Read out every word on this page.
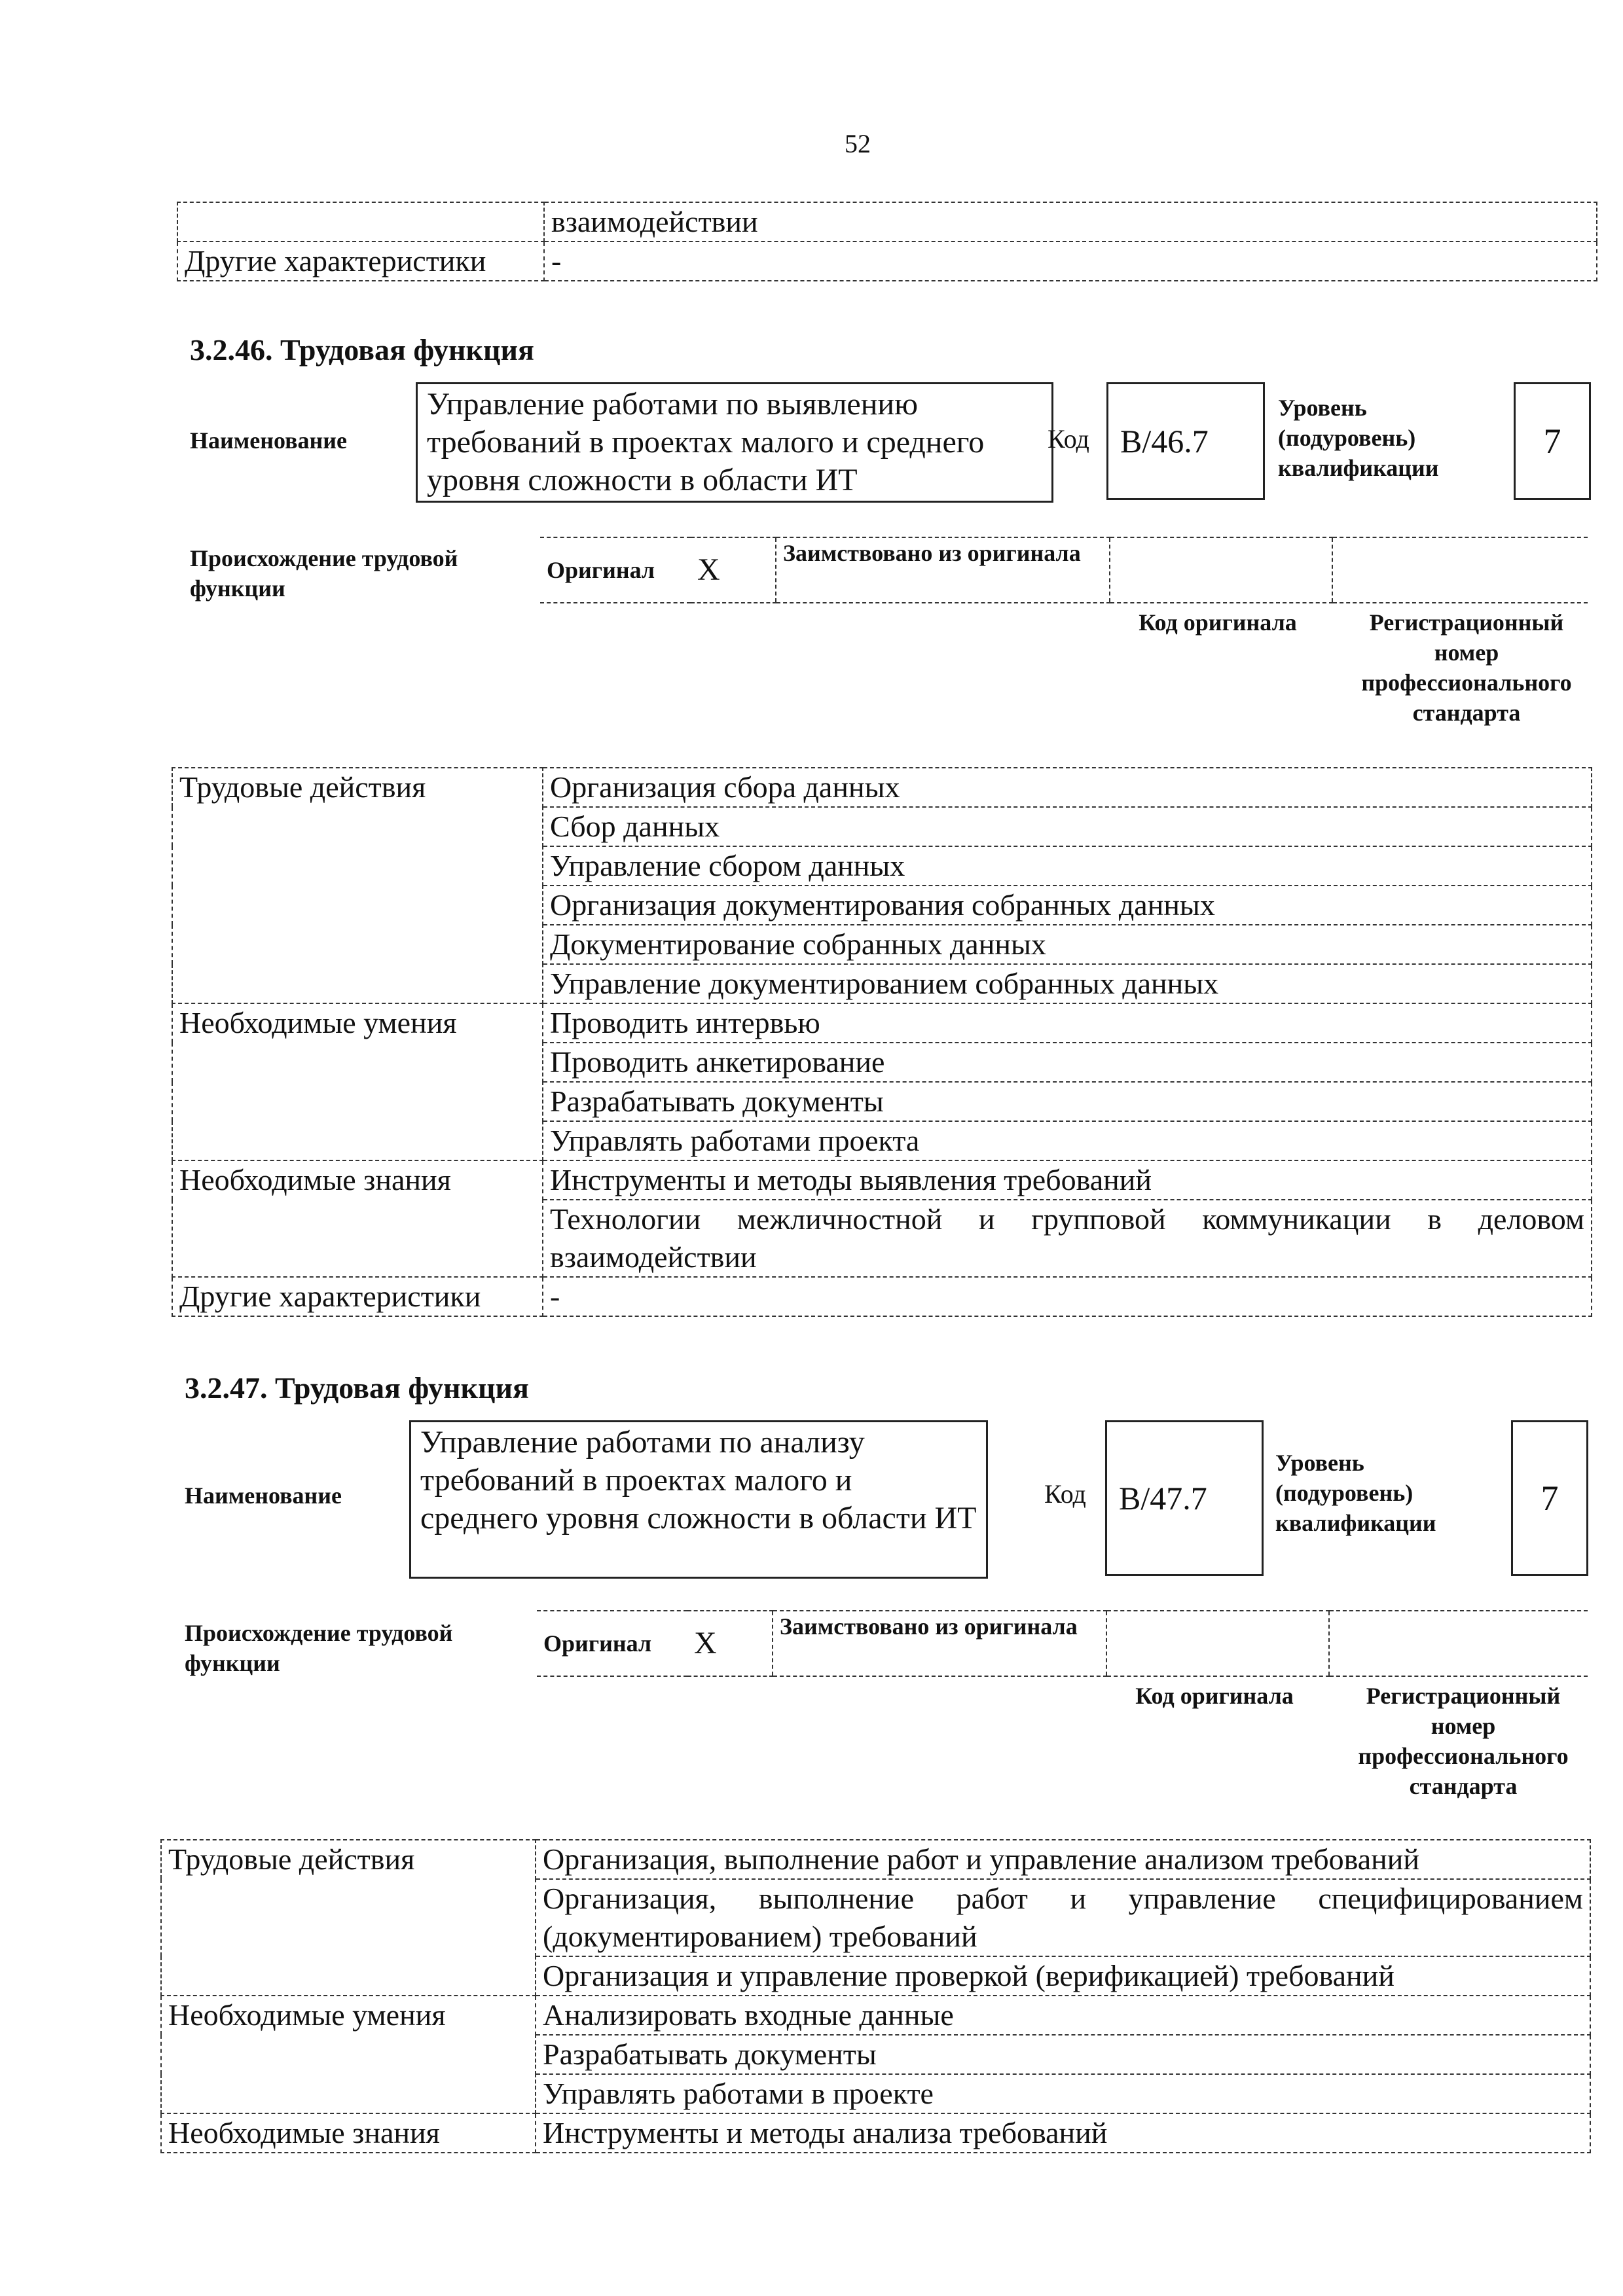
52
	взаимодействии
Другие характеристики	-
3.2.46. Трудовая функция
Наименование
Управление работами по выявлению требований в проектах малого и среднего уровня сложности в области ИТ
Код B/46.7
Уровень (подуровень) квалификации
7
Происхождение трудовой функции
Оригинал	X	Заимствовано из оригинала		
Код оригинала	Регистрационный номер профессионального стандарта
Трудовые действия	Организация сбора данных
	Сбор данных
	Управление сбором данных
	Организация документирования собранных данных
	Документирование собранных данных
	Управление документированием собранных данных
Необходимые умения	Проводить интервью
	Проводить анкетирование
	Разрабатывать документы
	Управлять работами проекта
Необходимые знания	Инструменты и методы выявления требований
	Технологии межличностной и групповой коммуникации в деловом взаимодействии
Другие характеристики	-
3.2.47. Трудовая функция
Наименование
Управление работами по анализу требований в проектах малого и среднего уровня сложности в области ИТ
Код	B/47.7
Уровень (подуровень) квалификации
7
Происхождение трудовой функции
Оригинал	X	Заимствовано из оригинала		
Код оригинала	Регистрационный номер профессионального стандарта
Трудовые действия	Организация, выполнение работ и управление анализом требований
	Организация, выполнение работ и управление специфицированием (документированием) требований
	Организация и управление проверкой (верификацией) требований
Необходимые умения	Анализировать входные данные
	Разрабатывать документы
	Управлять работами в проекте
Необходимые знания	Инструменты и методы анализа требований
